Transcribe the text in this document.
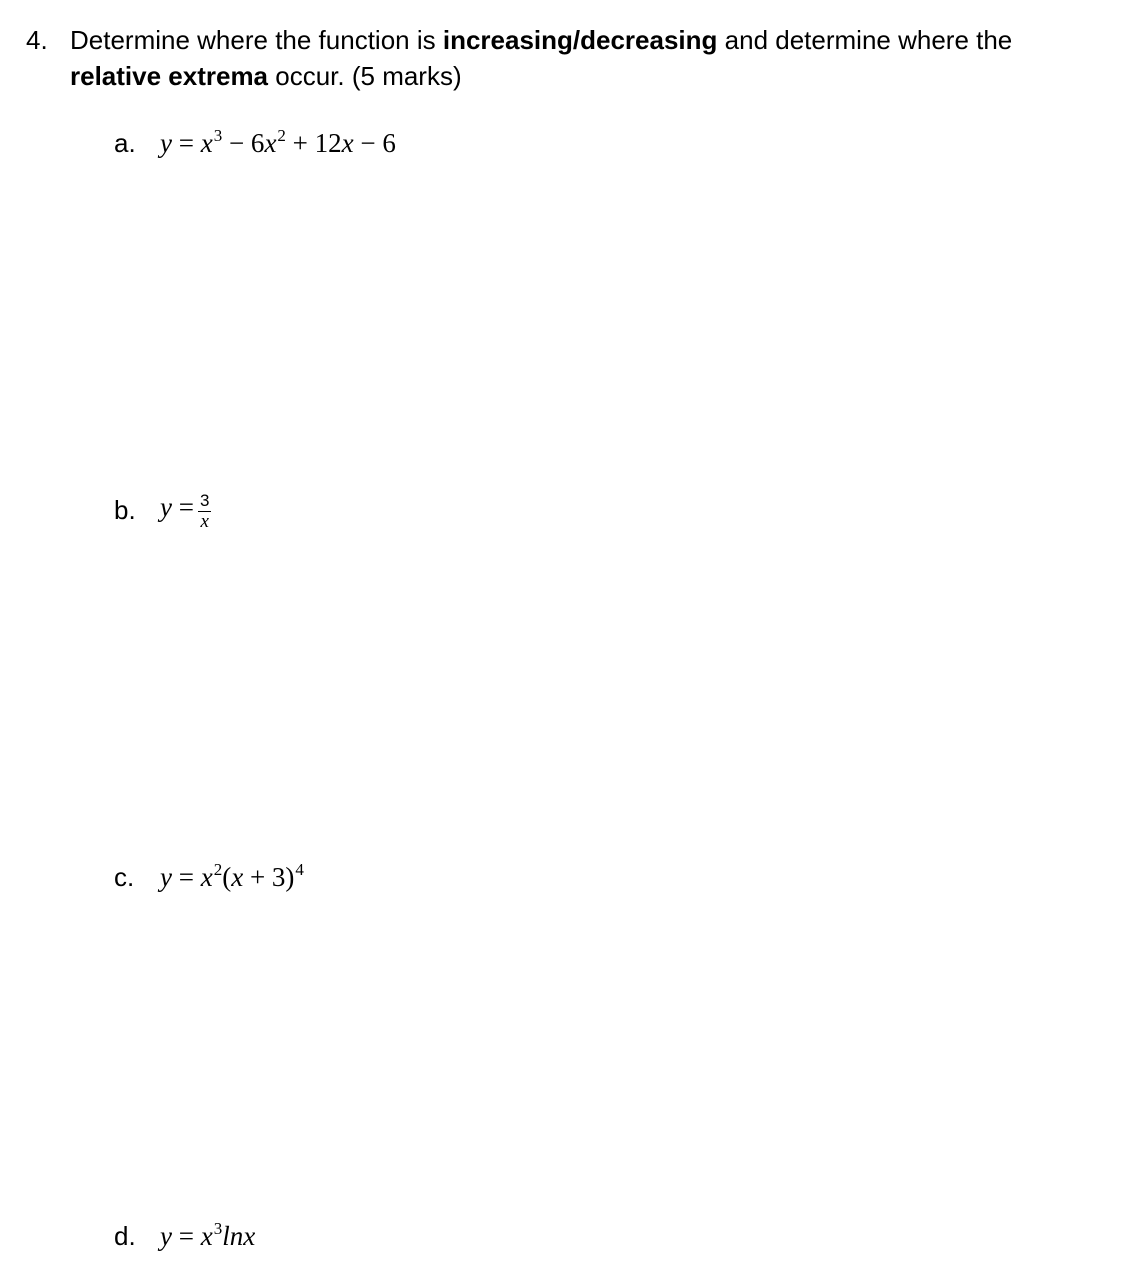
4. Determine where the function is increasing/decreasing and determine where the
relative extrema occur. (5 marks)
a. $y = x^3 - 6x^2 + 12x - 6$
b. $y = \frac{3}{x}$
c. $y = x^2(x + 3)^4$
d. $y = x^3\ln x$
